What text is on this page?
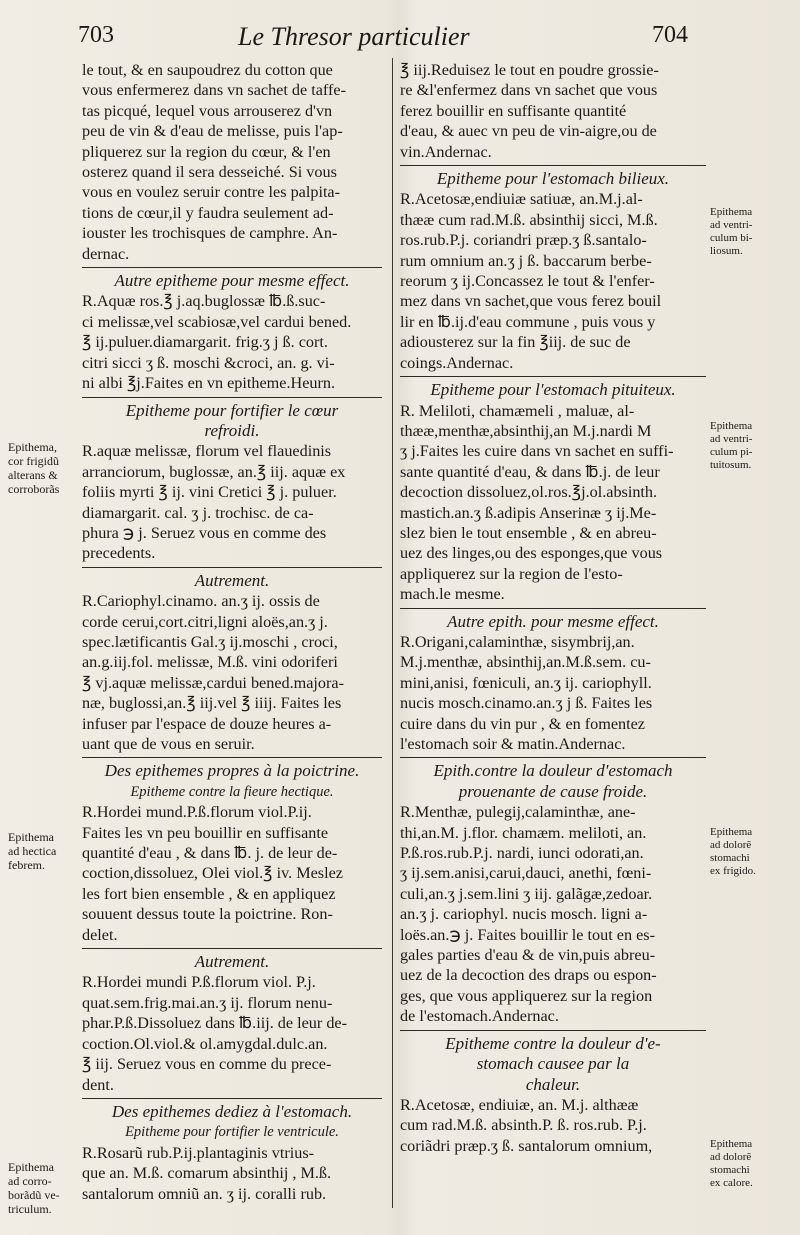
703	Le Thresor particulier	704

le tout, & en saupoudrez du cotton que
vous enfermerez dans vn sachet de taffe-
tas picqué, lequel vous arrouserez d'vn
peu de vin & d'eau de melisse, puis l'ap-
pliquerez sur la region du cœur, & l'en
osterez quand il sera desseiché. Si vous
vous en voulez seruir contre les palpita-
tions de cœur,il y faudra seulement ad-
iouster les trochisques de camphre. An-
dernac.

Autre epitheme pour mesme effect.

R.Aquæ ros.℥ j.aq.buglossæ ℔.ß.suc-
ci melissæ,vel scabiosæ,vel cardui bened.
℥ ij.puluer.diamargarit. frig.ʒ j ß. cort.
citri sicci ʒ ß. moschi &croci, an. g. vi-
ni albi ℥j.Faites en vn epitheme.Heurn.

Epitheme pour fortifier le cœur
refroidi.

R.aquæ melissæ, florum vel flauedinis
arranciorum, buglossæ, an.℥ iij. aquæ ex
foliis myrti ℥ ij. vini Cretici ℥ j. puluer.
diamargarit. cal. ʒ j. trochisc. de ca-
phura ℈ j. Seruez vous en comme des
precedents.

Autrement.

R.Cariophyl.cinamo. an.ʒ ij. ossis de
corde cerui,cort.citri,ligni aloës,an.ʒ j.
spec.lætificantis Gal.ʒ ij.moschi , croci,
an.g.iij.fol. melissæ, M.ß. vini odoriferi
℥ vj.aquæ melissæ,cardui bened.majora-
næ, buglossi,an.℥ iij.vel ℥ iiij. Faites les
infuser par l'espace de douze heures a-
uant que de vous en seruir.

Des epithemes propres à la poictrine.
Epitheme contre la fieure hectique.

R.Hordei mund.P.ß.florum viol.P.ij.
Faites les vn peu bouillir en suffisante
quantité d'eau , & dans ℔. j. de leur de-
coction,dissoluez, Olei viol.℥ iv. Meslez
les fort bien ensemble , & en appliquez
souuent dessus toute la poictrine. Ron-
delet.

Autrement.

R.Hordei mundi P.ß.florum viol. P.j.
quat.sem.frig.mai.an.ʒ ij. florum nenu-
phar.P.ß.Dissoluez dans ℔.iij. de leur de-
coction.Ol.viol.& ol.amygdal.dulc.an.
℥ iij. Seruez vous en comme du prece-
dent.

Des epithemes dediez à l'estomach.
Epitheme pour fortifier le ventricule.

R.Rosarũ rub.P.ij.plantaginis vtrius-
que an. M.ß. comarum absinthij , M.ß.
santalorum omniũ an. ʒ ij. coralli rub.

℥ iij.Reduisez le tout en poudre grossie-
re &l'enfermez dans vn sachet que vous
ferez bouillir en suffisante quantité
d'eau, & auec vn peu de vin-aigre,ou de
vin.Andernac.

Epitheme pour l'estomach bilieux.

R.Acetosæ,endiuiæ satiuæ, an.M.j.al-
thææ cum rad.M.ß. absinthij sicci, M.ß.
ros.rub.P.j. coriandri præp.ʒ ß.santalo-
rum omnium an.ʒ j ß. baccarum berbe-
reorum ʒ ij.Concassez le tout & l'enfer-
mez dans vn sachet,que vous ferez bouil
lir en ℔.ij.d'eau commune , puis vous y
adiousterez sur la fin ℥iij. de suc de
coings.Andernac.

Epitheme pour l'estomach pituiteux.

R. Meliloti, chamæmeli , maluæ, al-
thææ,menthæ,absinthij,an M.j.nardi M
ʒ j.Faites les cuire dans vn sachet en suffi-
sante quantité d'eau, & dans ℔.j. de leur
decoction dissoluez,ol.ros.℥j.ol.absinth.
mastich.an.ʒ ß.adipis Anserinæ ʒ ij.Me-
slez bien le tout ensemble , & en abreu-
uez des linges,ou des esponges,que vous
appliquerez sur la region de l'esto-
mach.le mesme.

Autre epith. pour mesme effect.

R.Origani,calaminthæ, sisymbrij,an.
M.j.menthæ, absinthij,an.M.ß.sem. cu-
mini,anisi, fœniculi, an.ʒ ij. cariophyll.
nucis mosch.cinamo.an.ʒ j ß. Faites les
cuire dans du vin pur , & en fomentez
l'estomach soir & matin.Andernac.

Epith.contre la douleur d'estomach
prouenante de cause froide.

R.Menthæ, pulegij,calaminthæ, ane-
thi,an.M. j.flor. chamæm. meliloti, an.
P.ß.ros.rub.P.j. nardi, iunci odorati,an.
ʒ ij.sem.anisi,carui,dauci, anethi, fœni-
culi,an.ʒ j.sem.lini ʒ iij. galãgæ,zedoar.
an.ʒ j. cariophyl. nucis mosch. ligni a-
loës.an.℈ j. Faites bouillir le tout en es-
gales parties d'eau & de vin,puis abreu-
uez de la decoction des draps ou espon-
ges, que vous appliquerez sur la region
de l'estomach.Andernac.

Epitheme contre la douleur d'e-
stomach causee par la
chaleur.

R.Acetosæ, endiuiæ, an. M.j. althææ
cum rad.M.ß. absinth.P. ß. ros.rub. P.j.
coriãdri præp.ʒ ß. santalorum omnium,

Epithema,
cor frigidũ
alterans &
corroborãs
Epithema
ad hectica
febrem.
Epithema
ad corro-
borãdũ ve-
triculum.
Epithema
ad ventri-
culum bi-
liosum.
Epithema
ad ventri-
culum pi-
tuitosum.
Epithema
ad dolorẽ
stomachi
ex frigido.
Epithema
ad dolorẽ
stomachi
ex calore.
